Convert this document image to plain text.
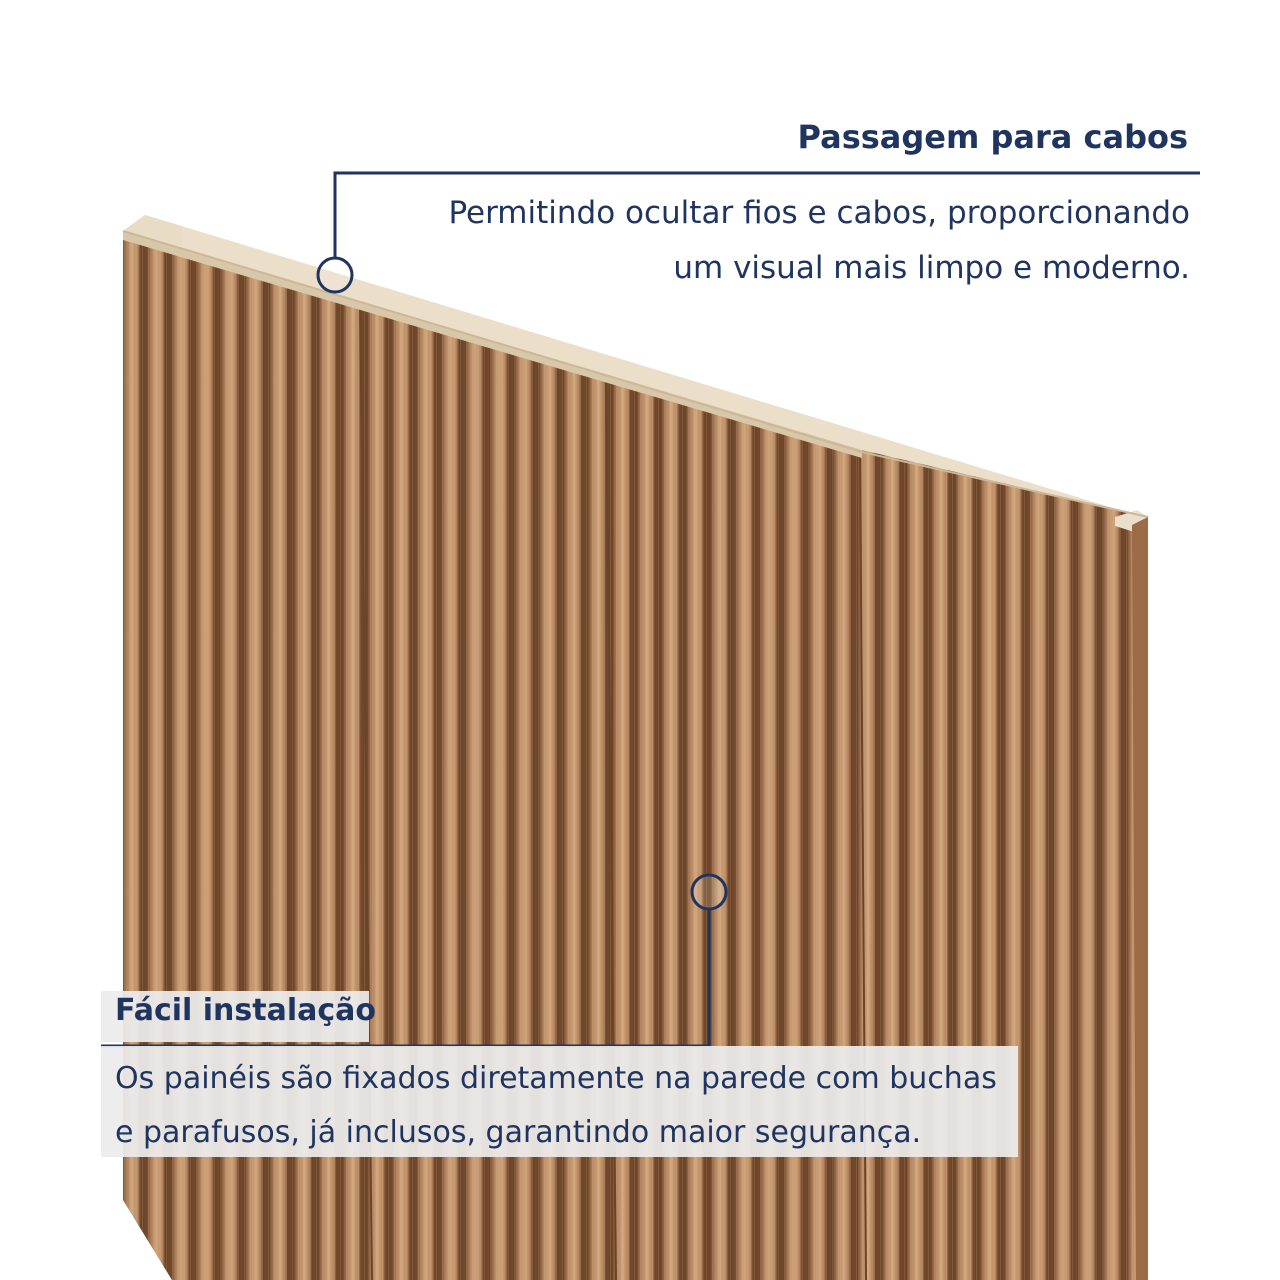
Passagem para cabos
Permitindo ocultar fios e cabos, proporcionando
um visual mais limpo e moderno.
Fácil instalação
Os painéis são fixados diretamente na parede com buchas
e parafusos, já inclusos, garantindo maior segurança.
